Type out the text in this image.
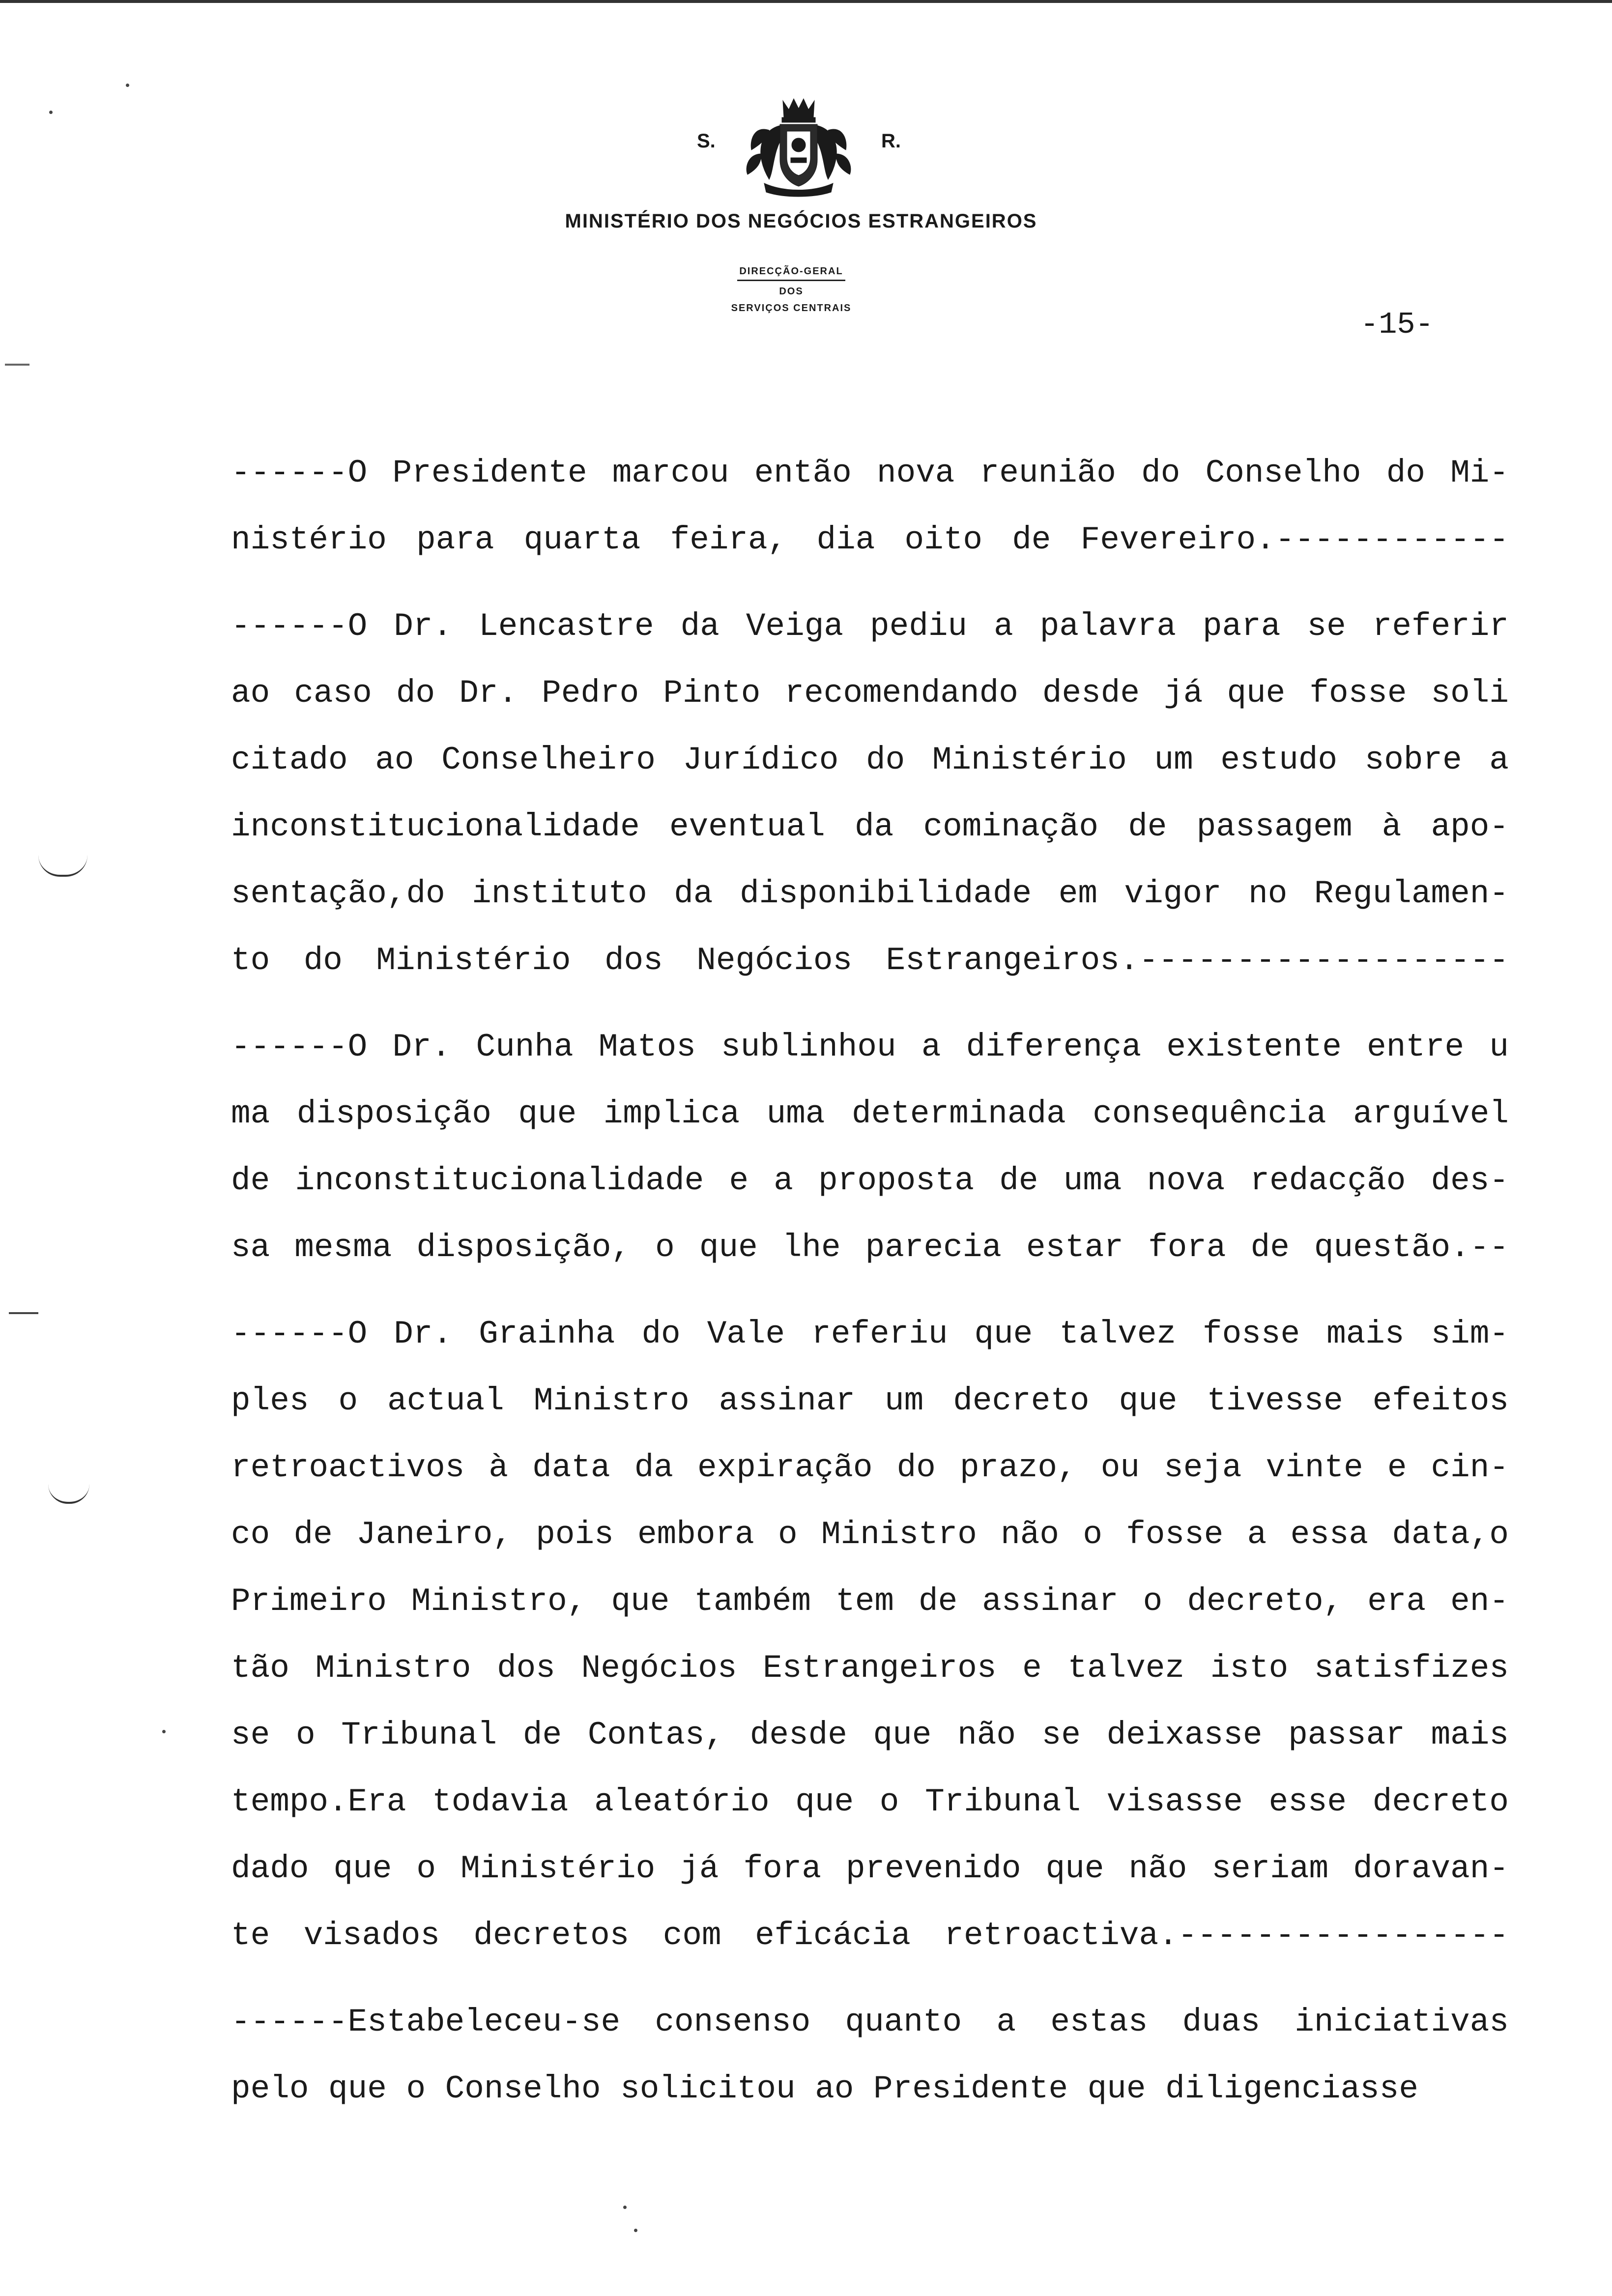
S.	R.
MINISTÉRIO DOS NEGÓCIOS ESTRANGEIROS
DIRECÇÃO-GERAL
DOS
SERVIÇOS CENTRAIS	-15-
------O Presidente marcou então nova reunião do Conselho do Mi-
nistério para quarta feira, dia oito de Fevereiro.------------
------O Dr. Lencastre da Veiga pediu a palavra para se referir
ao caso do Dr. Pedro Pinto recomendando desde já que fosse soli
citado ao Conselheiro Jurídico do Ministério um estudo sobre a
inconstitucionalidade eventual da cominação de passagem à apo-
sentação,do instituto da disponibilidade em vigor no Regulamen-
to do Ministério dos Negócios Estrangeiros.-------------------
------O Dr. Cunha Matos sublinhou a diferença existente entre u
ma disposição que implica uma determinada consequência arguível
de inconstitucionalidade e a proposta de uma nova redacção des-
sa mesma disposição, o que lhe parecia estar fora de questão.--
------O Dr. Grainha do Vale referiu que talvez fosse mais sim-
ples o actual Ministro assinar um decreto que tivesse efeitos
retroactivos à data da expiração do prazo, ou seja vinte e cin-
co de Janeiro, pois embora o Ministro não o fosse a essa data,o
Primeiro Ministro, que também tem de assinar o decreto, era en-
tão Ministro dos Negócios Estrangeiros e talvez isto satisfizes
se o Tribunal de Contas, desde que não se deixasse passar mais
tempo.Era todavia aleatório que o Tribunal visasse esse decreto
dado que o Ministério já fora prevenido que não seriam doravan-
te visados decretos com eficácia retroactiva.-----------------
------Estabeleceu-se consenso quanto a estas duas iniciativas
pelo que o Conselho solicitou ao Presidente que diligenciasse
